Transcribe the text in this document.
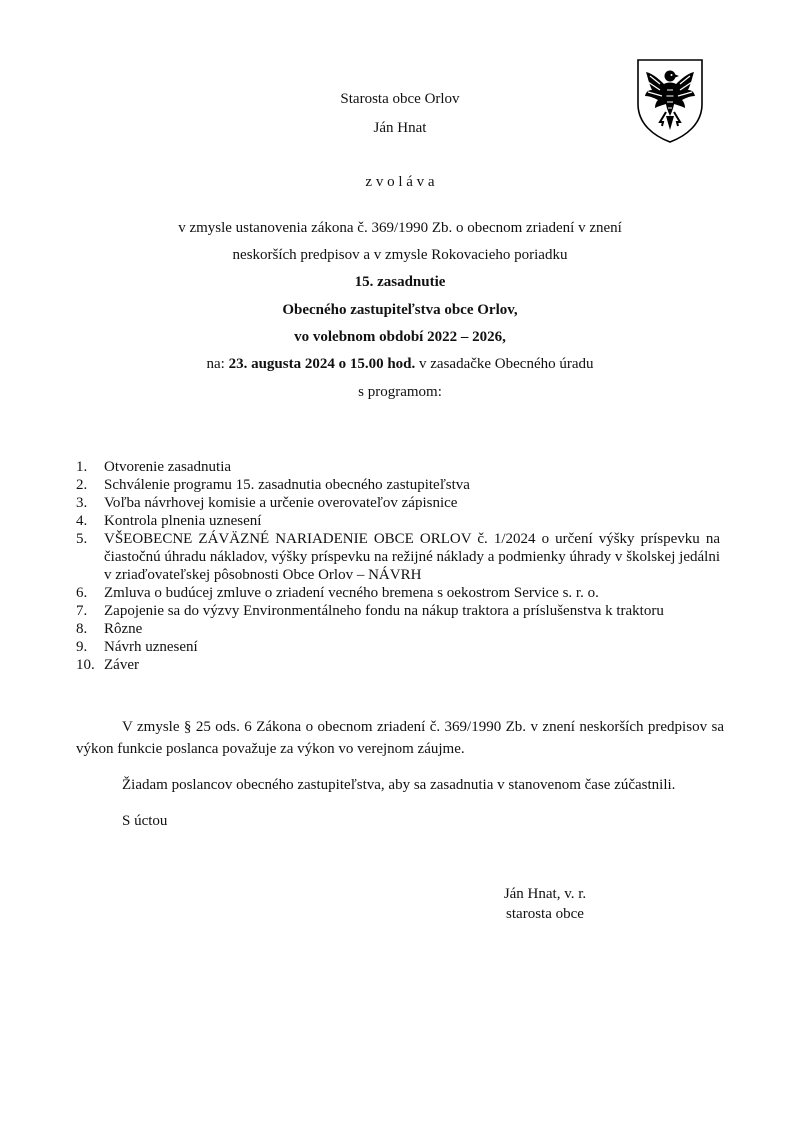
Starosta obce Orlov
Ján Hnat
z v o l á v a
v zmysle ustanovenia zákona č. 369/1990 Zb. o obecnom zriadení v znení
neskorších predpisov a v zmysle Rokovacieho poriadku
15. zasadnutie
Obecného zastupiteľstva obce Orlov,
vo volebnom období 2022 – 2026,
na: 23. augusta 2024 o 15.00 hod. v zasadačke Obecného úradu
s programom:
1. Otvorenie zasadnutia
2. Schválenie programu 15. zasadnutia obecného zastupiteľstva
3. Voľba návrhovej komisie a určenie overovateľov zápisnice
4. Kontrola plnenia uznesení
5. VŠEOBECNE ZÁVÄZNÉ NARIADENIE OBCE ORLOV č. 1/2024 o určení výšky príspevku na čiastočnú úhradu nákladov, výšky príspevku na režijné náklady a podmienky úhrady v školskej jedálni v zriaďovateľskej pôsobnosti Obce Orlov – NÁVRH
6. Zmluva o budúcej zmluve o zriadení vecného bremena s oekostrom Service s. r. o.
7. Zapojenie sa do výzvy Environmentálneho fondu na nákup traktora a príslušenstva k traktoru
8. Rôzne
9. Návrh uznesení
10. Záver
V zmysle § 25 ods. 6 Zákona o obecnom zriadení č. 369/1990 Zb. v znení neskorších predpisov sa výkon funkcie poslanca považuje za výkon vo verejnom záujme.
Žiadam poslancov obecného zastupiteľstva, aby sa zasadnutia v stanovenom čase zúčastnili.
S úctou
Ján Hnat, v. r.
starosta obce
